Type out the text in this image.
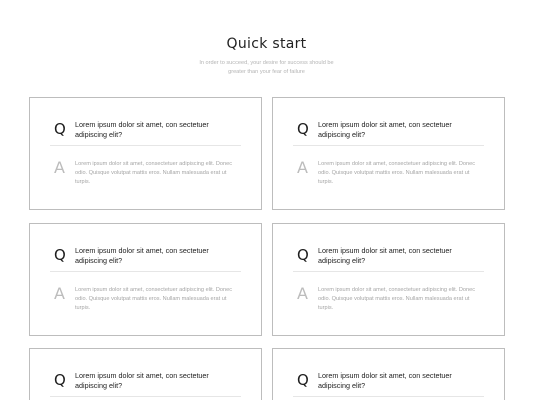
Quick start

In order to succeed, your desire for success should be greater than your fear of failure

Q Lorem ipsum dolor sit amet, con sectetuer adipiscing elit?
A Lorem ipsum dolor sit amet, consectetuer adipiscing elit. Donec odio. Quisque volutpat mattis eros. Nullam malesuada erat ut turpis.
Q Lorem ipsum dolor sit amet, con sectetuer adipiscing elit?
A Lorem ipsum dolor sit amet, consectetuer adipiscing elit. Donec odio. Quisque volutpat mattis eros. Nullam malesuada erat ut turpis.
Q Lorem ipsum dolor sit amet, con sectetuer adipiscing elit?
A Lorem ipsum dolor sit amet, consectetuer adipiscing elit. Donec odio. Quisque volutpat mattis eros. Nullam malesuada erat ut turpis.
Q Lorem ipsum dolor sit amet, con sectetuer adipiscing elit?
A Lorem ipsum dolor sit amet, consectetuer adipiscing elit. Donec odio. Quisque volutpat mattis eros. Nullam malesuada erat ut turpis.
Q Lorem ipsum dolor sit amet, con sectetuer adipiscing elit?	Q Lorem ipsum dolor sit amet, con sectetuer adipiscing elit?
